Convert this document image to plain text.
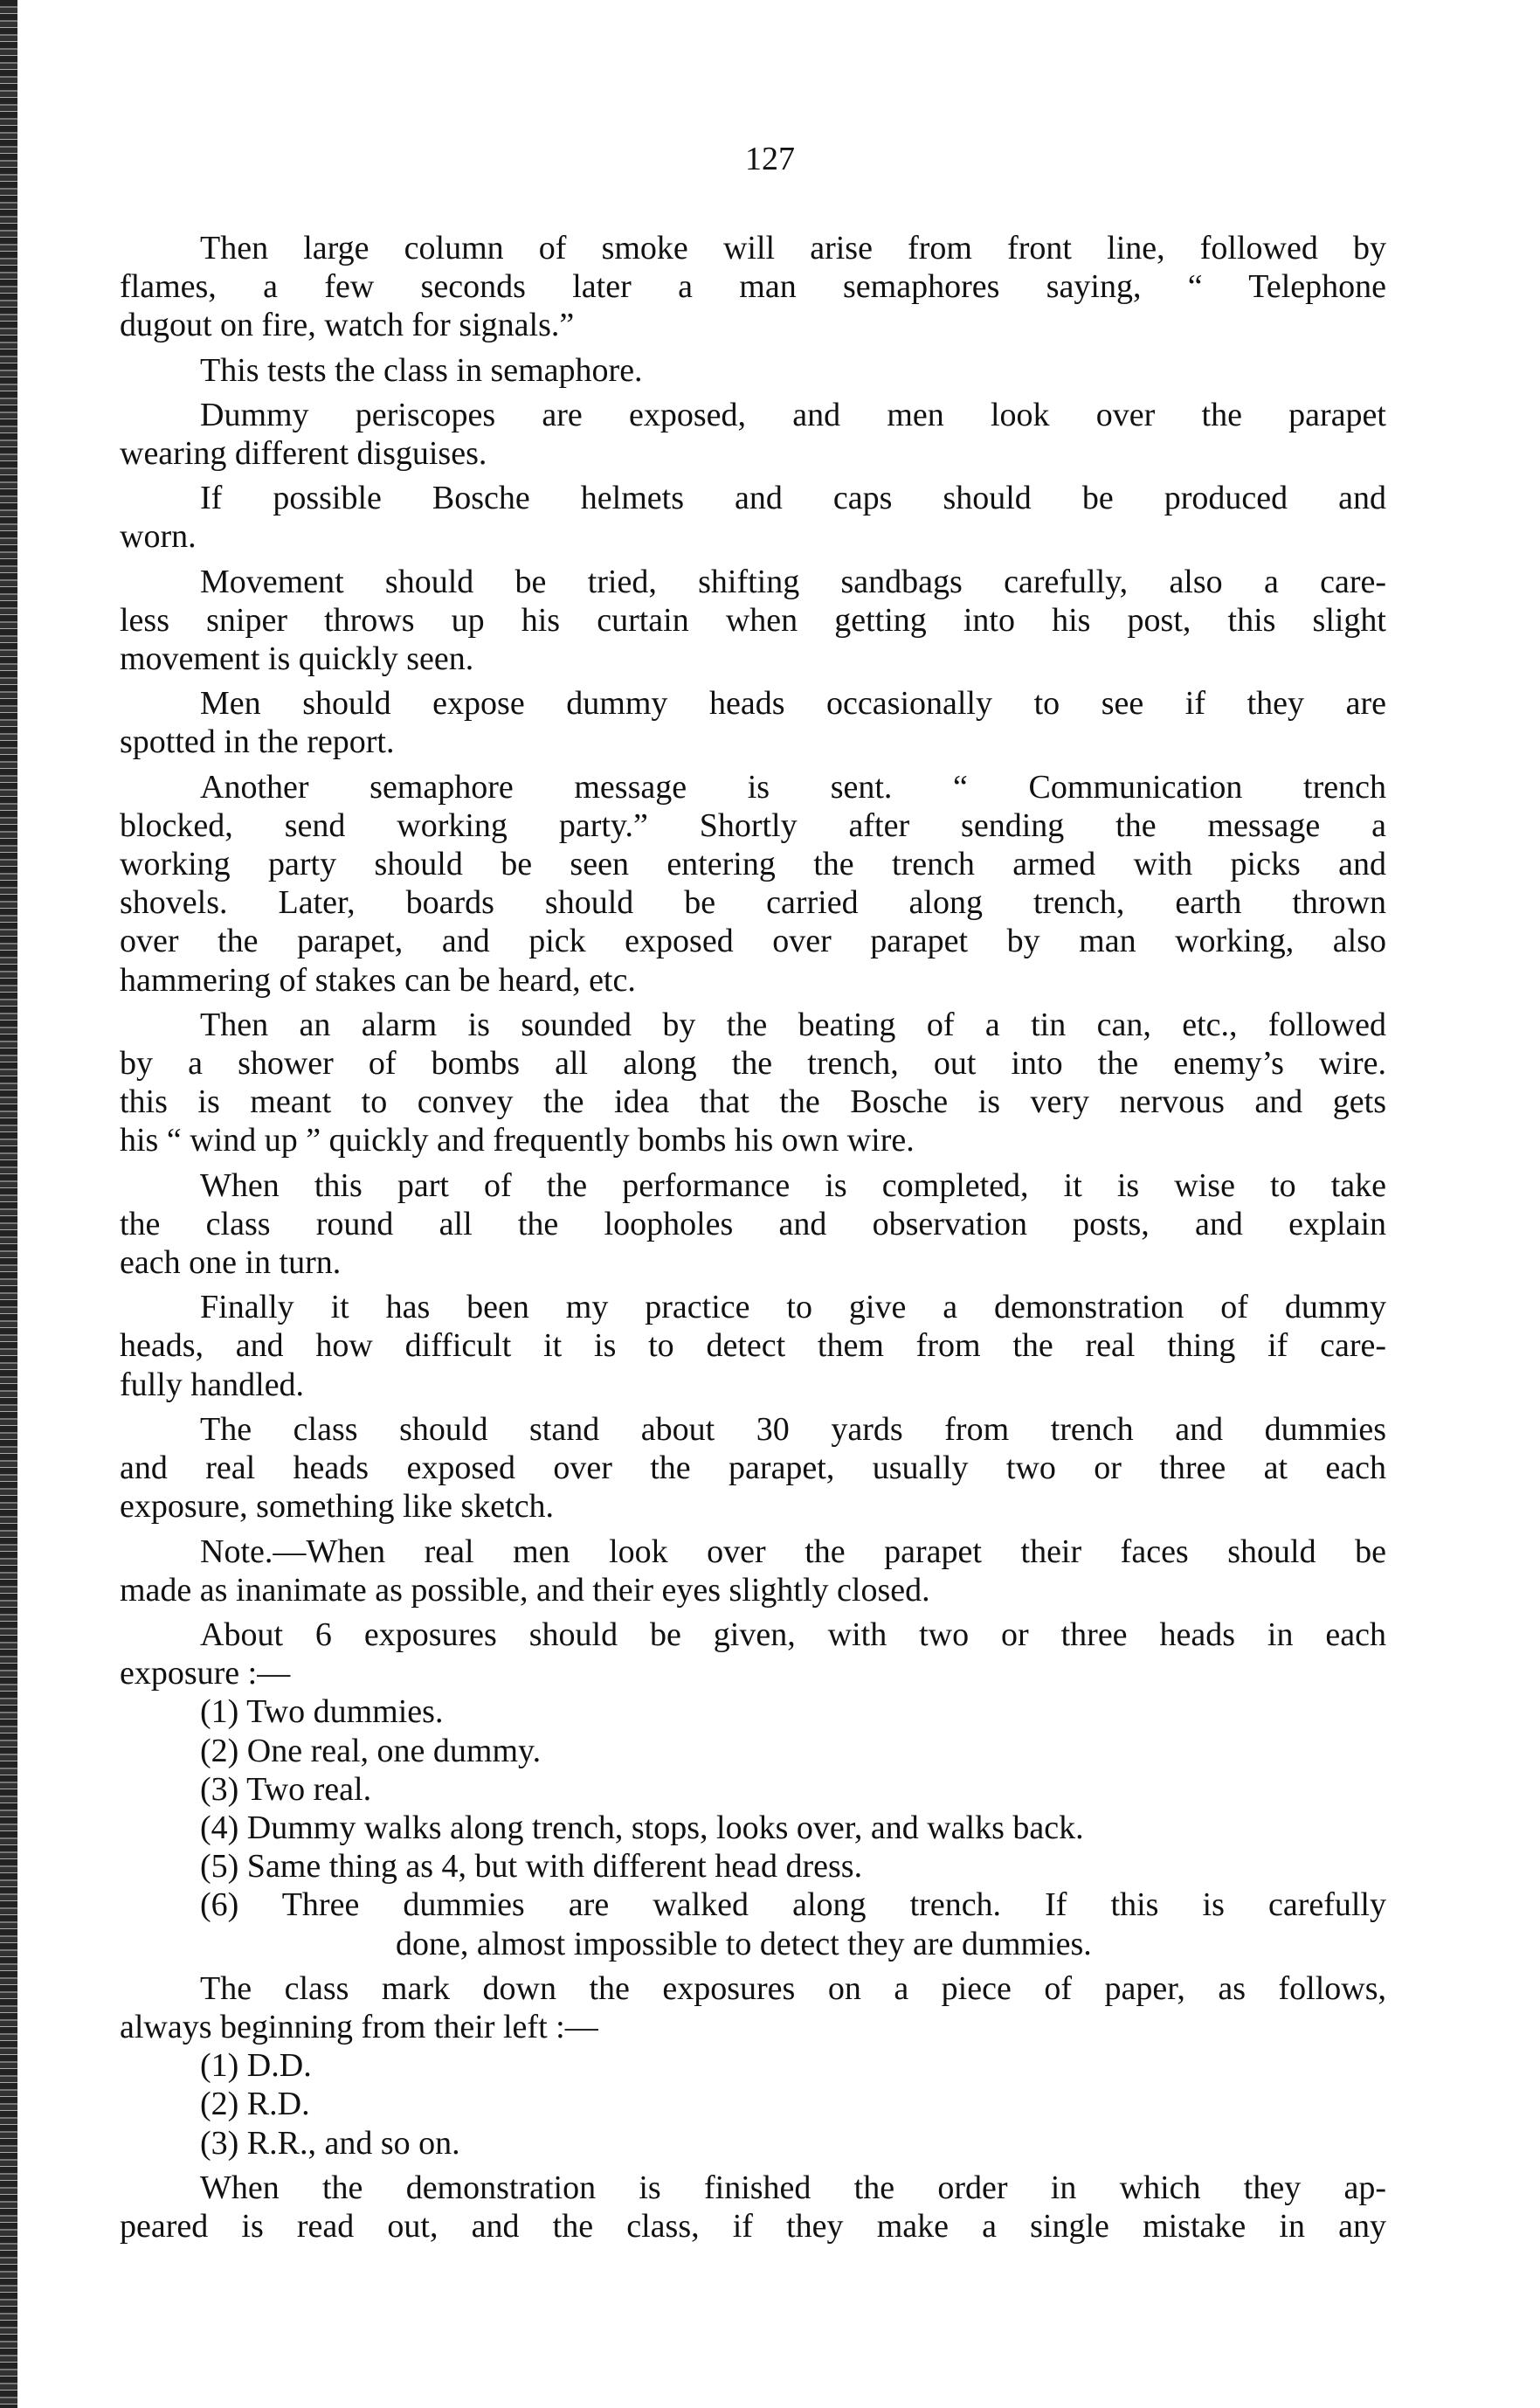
127
Then large column of smoke will arise from front line, followed by
flames, a few seconds later a man semaphores saying, “ Telephone
dugout on fire, watch for signals.”
This tests the class in semaphore.
Dummy periscopes are exposed, and men look over the parapet
wearing different disguises.
If possible Bosche helmets and caps should be produced and
worn.
Movement should be tried, shifting sandbags carefully, also a care-
less sniper throws up his curtain when getting into his post, this slight
movement is quickly seen.
Men should expose dummy heads occasionally to see if they are
spotted in the report.
Another semaphore message is sent. “ Communication trench
blocked, send working party.” Shortly after sending the message a
working party should be seen entering the trench armed with picks and
shovels. Later, boards should be carried along trench, earth thrown
over the parapet, and pick exposed over parapet by man working, also
hammering of stakes can be heard, etc.
Then an alarm is sounded by the beating of a tin can, etc., followed
by a shower of bombs all along the trench, out into the enemy’s wire.
this is meant to convey the idea that the Bosche is very nervous and gets
his “ wind up ” quickly and frequently bombs his own wire.
When this part of the performance is completed, it is wise to take
the class round all the loopholes and observation posts, and explain
each one in turn.
Finally it has been my practice to give a demonstration of dummy
heads, and how difficult it is to detect them from the real thing if care-
fully handled.
The class should stand about 30 yards from trench and dummies
and real heads exposed over the parapet, usually two or three at each
exposure, something like sketch.
Note.—When real men look over the parapet their faces should be
made as inanimate as possible, and their eyes slightly closed.
About 6 exposures should be given, with two or three heads in each
exposure :—
(1) Two dummies.
(2) One real, one dummy.
(3) Two real.
(4) Dummy walks along trench, stops, looks over, and walks back.
(5) Same thing as 4, but with different head dress.
(6) Three dummies are walked along trench. If this is carefully
done, almost impossible to detect they are dummies.
The class mark down the exposures on a piece of paper, as follows,
always beginning from their left :—
(1) D.D.
(2) R.D.
(3) R.R., and so on.
When the demonstration is finished the order in which they ap-
peared is read out, and the class, if they make a single mistake in any
